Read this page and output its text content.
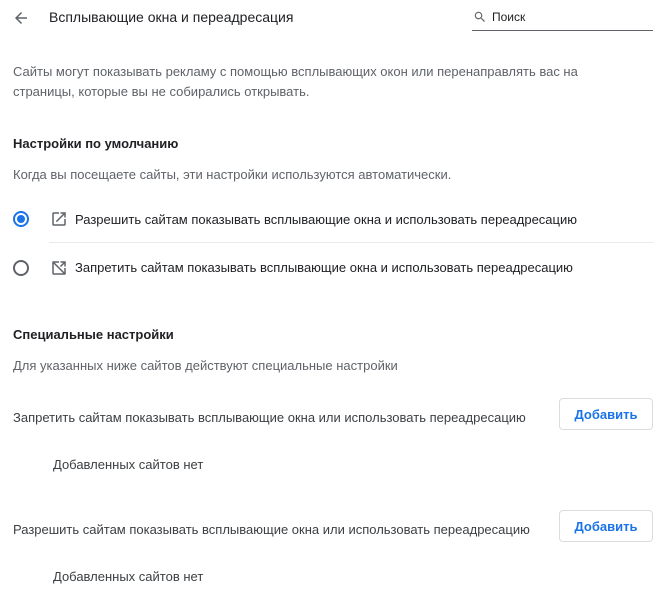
Всплывающие окна и переадресация
Поиск
Сайты могут показывать рекламу с помощью всплывающих окон или перенаправлять вас на страницы, которые вы не собирались открывать.
Настройки по умолчанию
Когда вы посещаете сайты, эти настройки используются автоматически.
Разрешить сайтам показывать всплывающие окна и использовать переадресацию
Запретить сайтам показывать всплывающие окна и использовать переадресацию
Специальные настройки
Для указанных ниже сайтов действуют специальные настройки
Запретить сайтам показывать всплывающие окна или использовать переадресацию	Добавить
Добавленных сайтов нет
Разрешить сайтам показывать всплывающие окна или использовать переадресацию	Добавить
Добавленных сайтов нет
